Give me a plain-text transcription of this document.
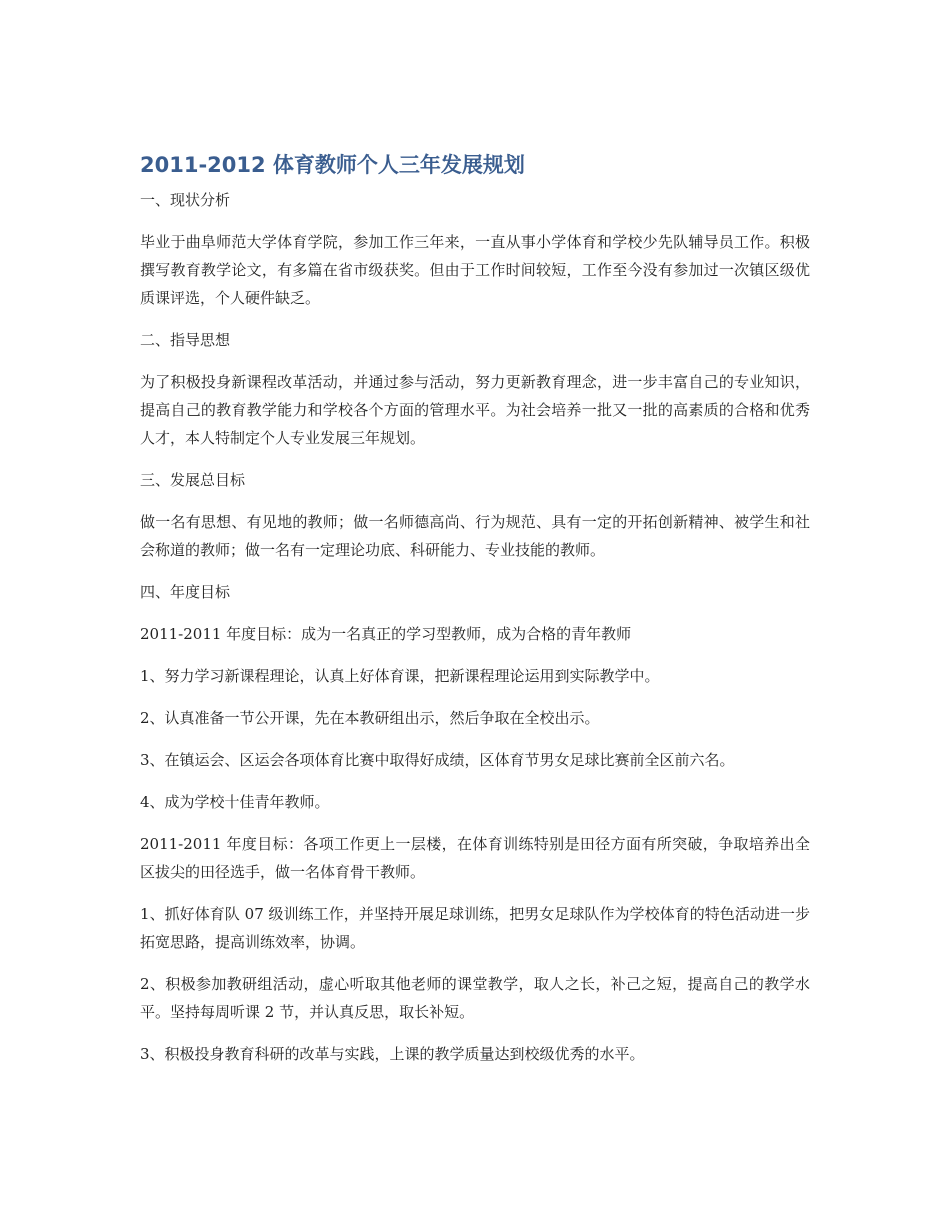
2011-2012 体育教师个人三年发展规划
一、现状分析

毕业于曲阜师范大学体育学院，参加工作三年来，一直从事小学体育和学校少先队辅导员工作。积极撰写教育教学论文，有多篇在省市级获奖。但由于工作时间较短，工作至今没有参加过一次镇区级优质课评选，个人硬件缺乏。

二、指导思想

为了积极投身新课程改革活动，并通过参与活动，努力更新教育理念，进一步丰富自己的专业知识，提高自己的教育教学能力和学校各个方面的管理水平。为社会培养一批又一批的高素质的合格和优秀人才，本人特制定个人专业发展三年规划。

三、发展总目标

做一名有思想、有见地的教师；做一名师德高尚、行为规范、具有一定的开拓创新精神、被学生和社会称道的教师；做一名有一定理论功底、科研能力、专业技能的教师。

四、年度目标

2011-2011 年度目标：成为一名真正的学习型教师，成为合格的青年教师

1、努力学习新课程理论，认真上好体育课，把新课程理论运用到实际教学中。

2、认真准备一节公开课，先在本教研组出示，然后争取在全校出示。

3、在镇运会、区运会各项体育比赛中取得好成绩，区体育节男女足球比赛前全区前六名。

4、成为学校十佳青年教师。

2011-2011 年度目标：各项工作更上一层楼，在体育训练特别是田径方面有所突破，争取培养出全区拔尖的田径选手，做一名体育骨干教师。

1、抓好体育队 07 级训练工作，并坚持开展足球训练，把男女足球队作为学校体育的特色活动进一步拓宽思路，提高训练效率，协调。

2、积极参加教研组活动，虚心听取其他老师的课堂教学，取人之长，补己之短，提高自己的教学水平。坚持每周听课 2 节，并认真反思，取长补短。

3、积极投身教育科研的改革与实践，上课的教学质量达到校级优秀的水平。
